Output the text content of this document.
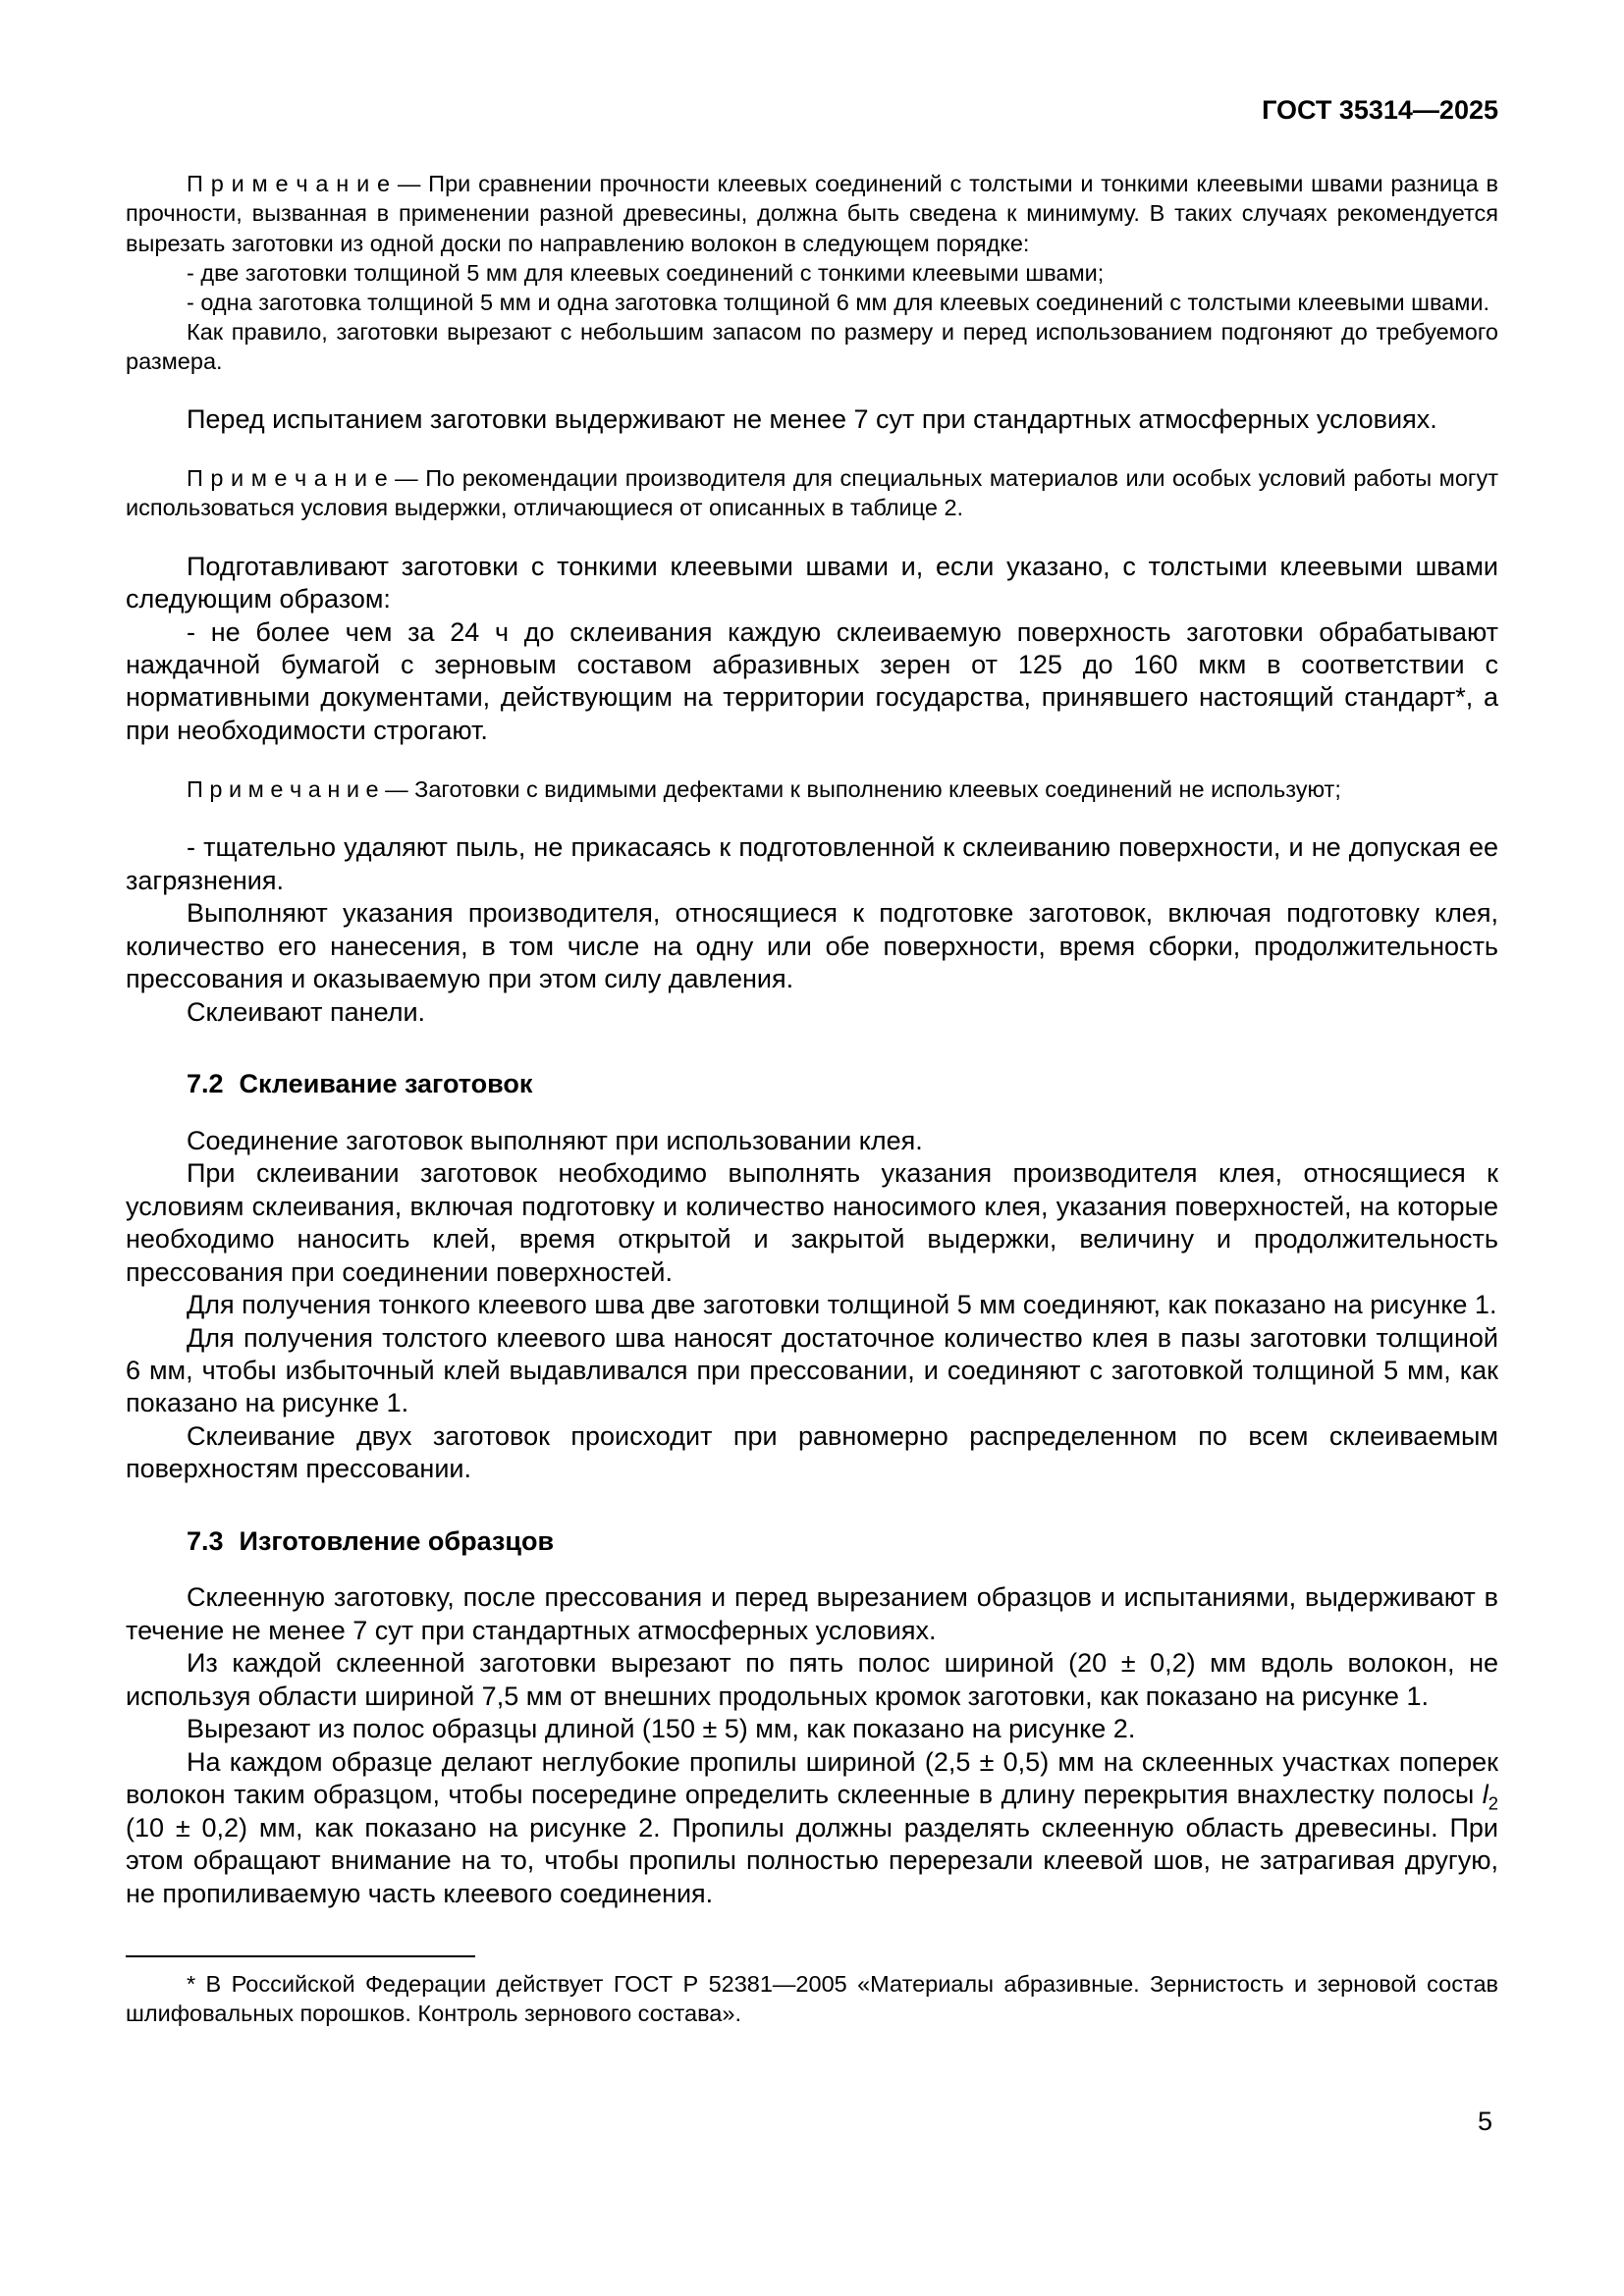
ГОСТ 35314—2025

П р и м е ч а н и е — При сравнении прочности клеевых соединений с толстыми и тонкими клеевыми швами разница в прочности, вызванная в применении разной древесины, должна быть сведена к минимуму. В таких случаях рекомендуется вырезать заготовки из одной доски по направлению волокон в следующем порядке:

- две заготовки толщиной 5 мм для клеевых соединений с тонкими клеевыми швами;

- одна заготовка толщиной 5 мм и одна заготовка толщиной 6 мм для клеевых соединений с толстыми клеевыми швами.

Как правило, заготовки вырезают с небольшим запасом по размеру и перед использованием подгоняют до требуемого размера.

Перед испытанием заготовки выдерживают не менее 7 сут при стандартных атмосферных условиях.

П р и м е ч а н и е — По рекомендации производителя для специальных материалов или особых условий работы могут использоваться условия выдержки, отличающиеся от описанных в таблице 2.

Подготавливают заготовки с тонкими клеевыми швами и, если указано, с толстыми клеевыми швами следующим образом:

- не более чем за 24 ч до склеивания каждую склеиваемую поверхность заготовки обрабатывают наждачной бумагой с зерновым составом абразивных зерен от 125 до 160 мкм в соответствии с нормативными документами, действующим на территории государства, принявшего настоящий стандарт*, а при необходимости строгают.

П р и м е ч а н и е — Заготовки с видимыми дефектами к выполнению клеевых соединений не используют;

- тщательно удаляют пыль, не прикасаясь к подготовленной к склеиванию поверхности, и не допуская ее загрязнения.

Выполняют указания производителя, относящиеся к подготовке заготовок, включая подготовку клея, количество его нанесения, в том числе на одну или обе поверхности, время сборки, продолжительность прессования и оказываемую при этом силу давления.

Склеивают панели.

7.2 Склеивание заготовок

Соединение заготовок выполняют при использовании клея.

При склеивании заготовок необходимо выполнять указания производителя клея, относящиеся к условиям склеивания, включая подготовку и количество наносимого клея, указания поверхностей, на которые необходимо наносить клей, время открытой и закрытой выдержки, величину и продолжительность прессования при соединении поверхностей.

Для получения тонкого клеевого шва две заготовки толщиной 5 мм соединяют, как показано на рисунке 1.

Для получения толстого клеевого шва наносят достаточное количество клея в пазы заготовки толщиной 6 мм, чтобы избыточный клей выдавливался при прессовании, и соединяют с заготовкой толщиной 5 мм, как показано на рисунке 1.

Склеивание двух заготовок происходит при равномерно распределенном по всем склеиваемым поверхностям прессовании.

7.3 Изготовление образцов

Склеенную заготовку, после прессования и перед вырезанием образцов и испытаниями, выдерживают в течение не менее 7 сут при стандартных атмосферных условиях.

Из каждой склеенной заготовки вырезают по пять полос шириной (20 ± 0,2) мм вдоль волокон, не используя области шириной 7,5 мм от внешних продольных кромок заготовки, как показано на рисунке 1.

Вырезают из полос образцы длиной (150 ± 5) мм, как показано на рисунке 2.

На каждом образце делают неглубокие пропилы шириной (2,5 ± 0,5) мм на склеенных участках поперек волокон таким образцом, чтобы посередине определить склеенные в длину перекрытия внахлестку полосы $l_2$ (10 ± 0,2) мм, как показано на рисунке 2. Пропилы должны разделять склеенную область древесины. При этом обращают внимание на то, чтобы пропилы полностью перерезали клеевой шов, не затрагивая другую, не пропиливаемую часть клеевого соединения.

* В Российской Федерации действует ГОСТ Р 52381—2005 «Материалы абразивные. Зернистость и зерновой состав шлифовальных порошков. Контроль зернового состава».

5
